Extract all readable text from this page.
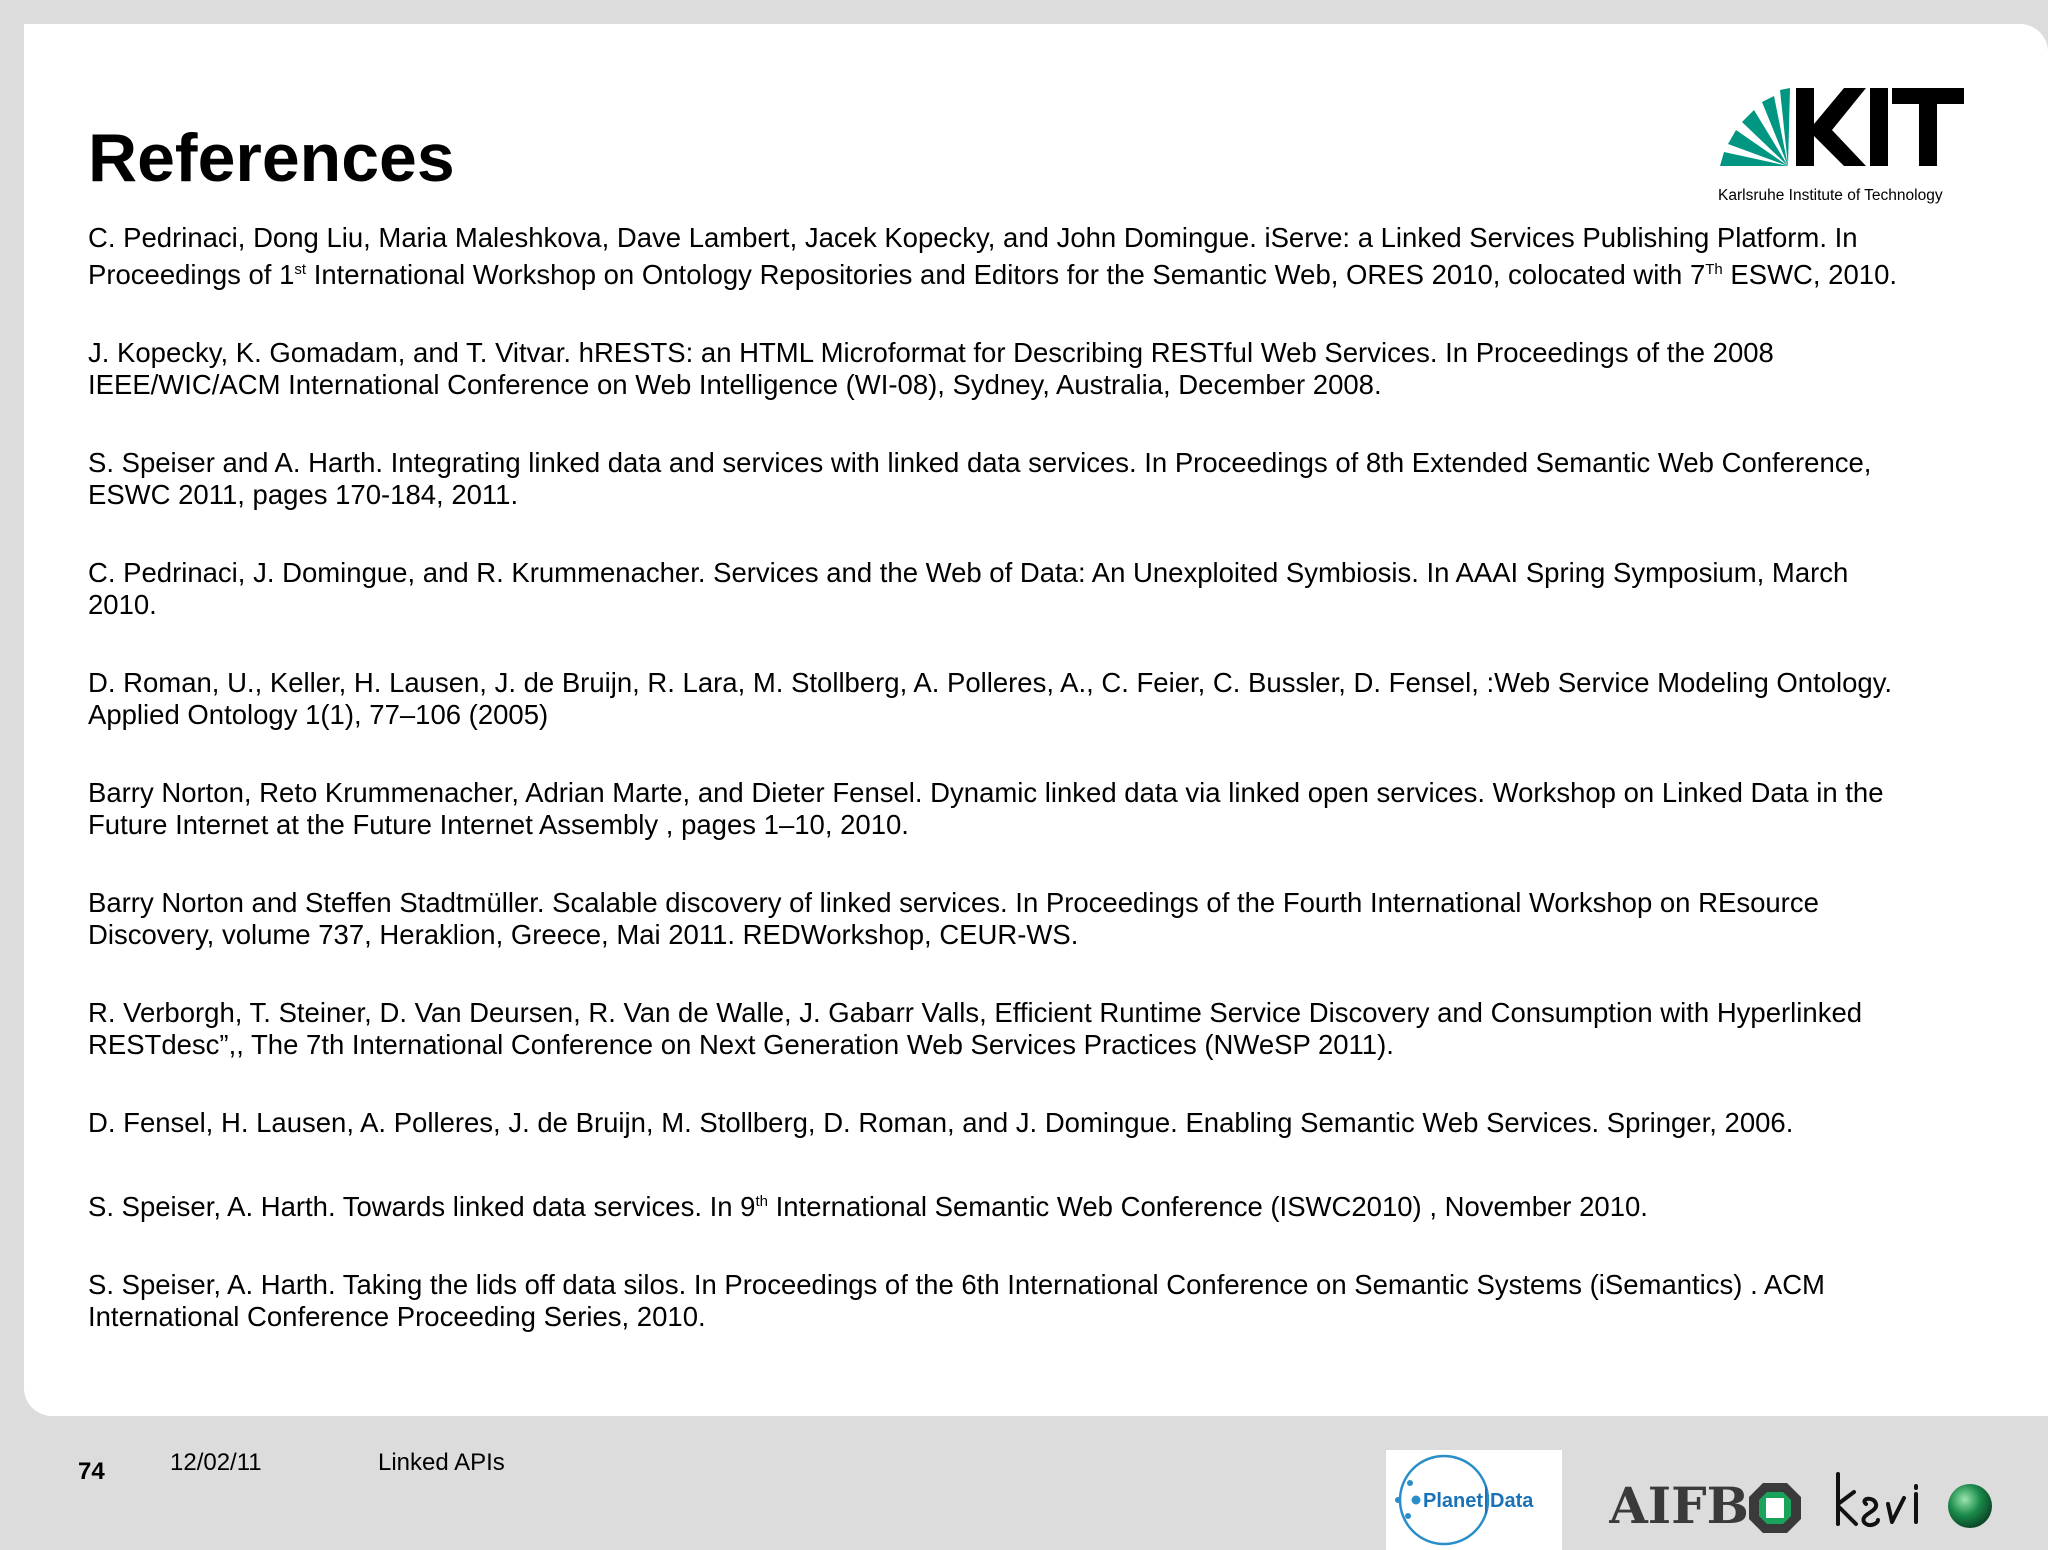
References
C. Pedrinaci, Dong Liu, Maria Maleshkova, Dave Lambert, Jacek Kopecky, and John Domingue. iServe: a Linked Services Publishing Platform. In
Proceedings of 1st International Workshop on Ontology Repositories and Editors for the Semantic Web, ORES 2010, colocated with 7Th ESWC, 2010.
J. Kopecky, K. Gomadam, and T. Vitvar. hRESTS: an HTML Microformat for Describing RESTful Web Services. In Proceedings of the 2008
IEEE/WIC/ACM International Conference on Web Intelligence (WI-08), Sydney, Australia, December 2008.
S. Speiser and A. Harth. Integrating linked data and services with linked data services. In Proceedings of 8th Extended Semantic Web Conference,
ESWC 2011, pages 170-184, 2011.
C. Pedrinaci, J. Domingue, and R. Krummenacher. Services and the Web of Data: An Unexploited Symbiosis. In AAAI Spring Symposium, March
2010.
D. Roman, U., Keller, H. Lausen, J. de Bruijn, R. Lara, M. Stollberg, A. Polleres, A., C. Feier, C. Bussler, D. Fensel, :Web Service Modeling Ontology.
Applied Ontology 1(1), 77–106 (2005)
Barry Norton, Reto Krummenacher, Adrian Marte, and Dieter Fensel. Dynamic linked data via linked open services. Workshop on Linked Data in the
Future Internet at the Future Internet Assembly , pages 1–10, 2010.
Barry Norton and Steffen Stadtmüller. Scalable discovery of linked services. In Proceedings of the Fourth International Workshop on REsource
Discovery, volume 737, Heraklion, Greece, Mai 2011. REDWorkshop, CEUR-WS.
R. Verborgh, T. Steiner, D. Van Deursen, R. Van de Walle, J. Gabarr Valls, Efficient Runtime Service Discovery and Consumption with Hyperlinked
RESTdesc”,, The 7th International Conference on Next Generation Web Services Practices (NWeSP 2011).
D. Fensel, H. Lausen, A. Polleres, J. de Bruijn, M. Stollberg, D. Roman, and J. Domingue. Enabling Semantic Web Services. Springer, 2006.
S. Speiser, A. Harth. Towards linked data services. In 9th International Semantic Web Conference (ISWC2010) , November 2010.
S. Speiser, A. Harth. Taking the lids off data silos. In Proceedings of the 6th International Conference on Semantic Systems (iSemantics) . ACM
International Conference Proceeding Series, 2010.
Karlsruhe Institute of Technology
Planet Data AIFB
74	12/02/11	Linked APIs
